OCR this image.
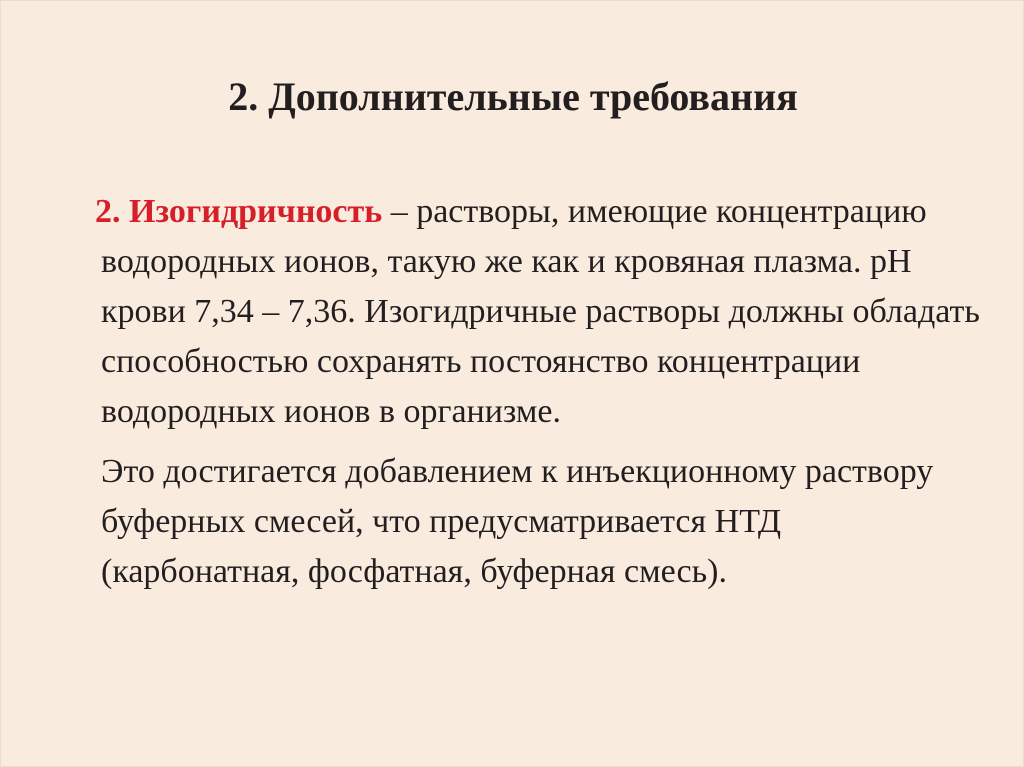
2. Дополнительные требования

2. Изогидричность – растворы, имеющие концентрацию водородных ионов, такую же как и кровяная плазма. рН крови 7,34 – 7,36. Изогидричные растворы должны обладать способностью сохранять постоянство концентрации водородных ионов в организме.

Это достигается добавлением к инъекционному раствору буферных смесей, что предусматривается НТД (карбонатная, фосфатная, буферная смесь).
